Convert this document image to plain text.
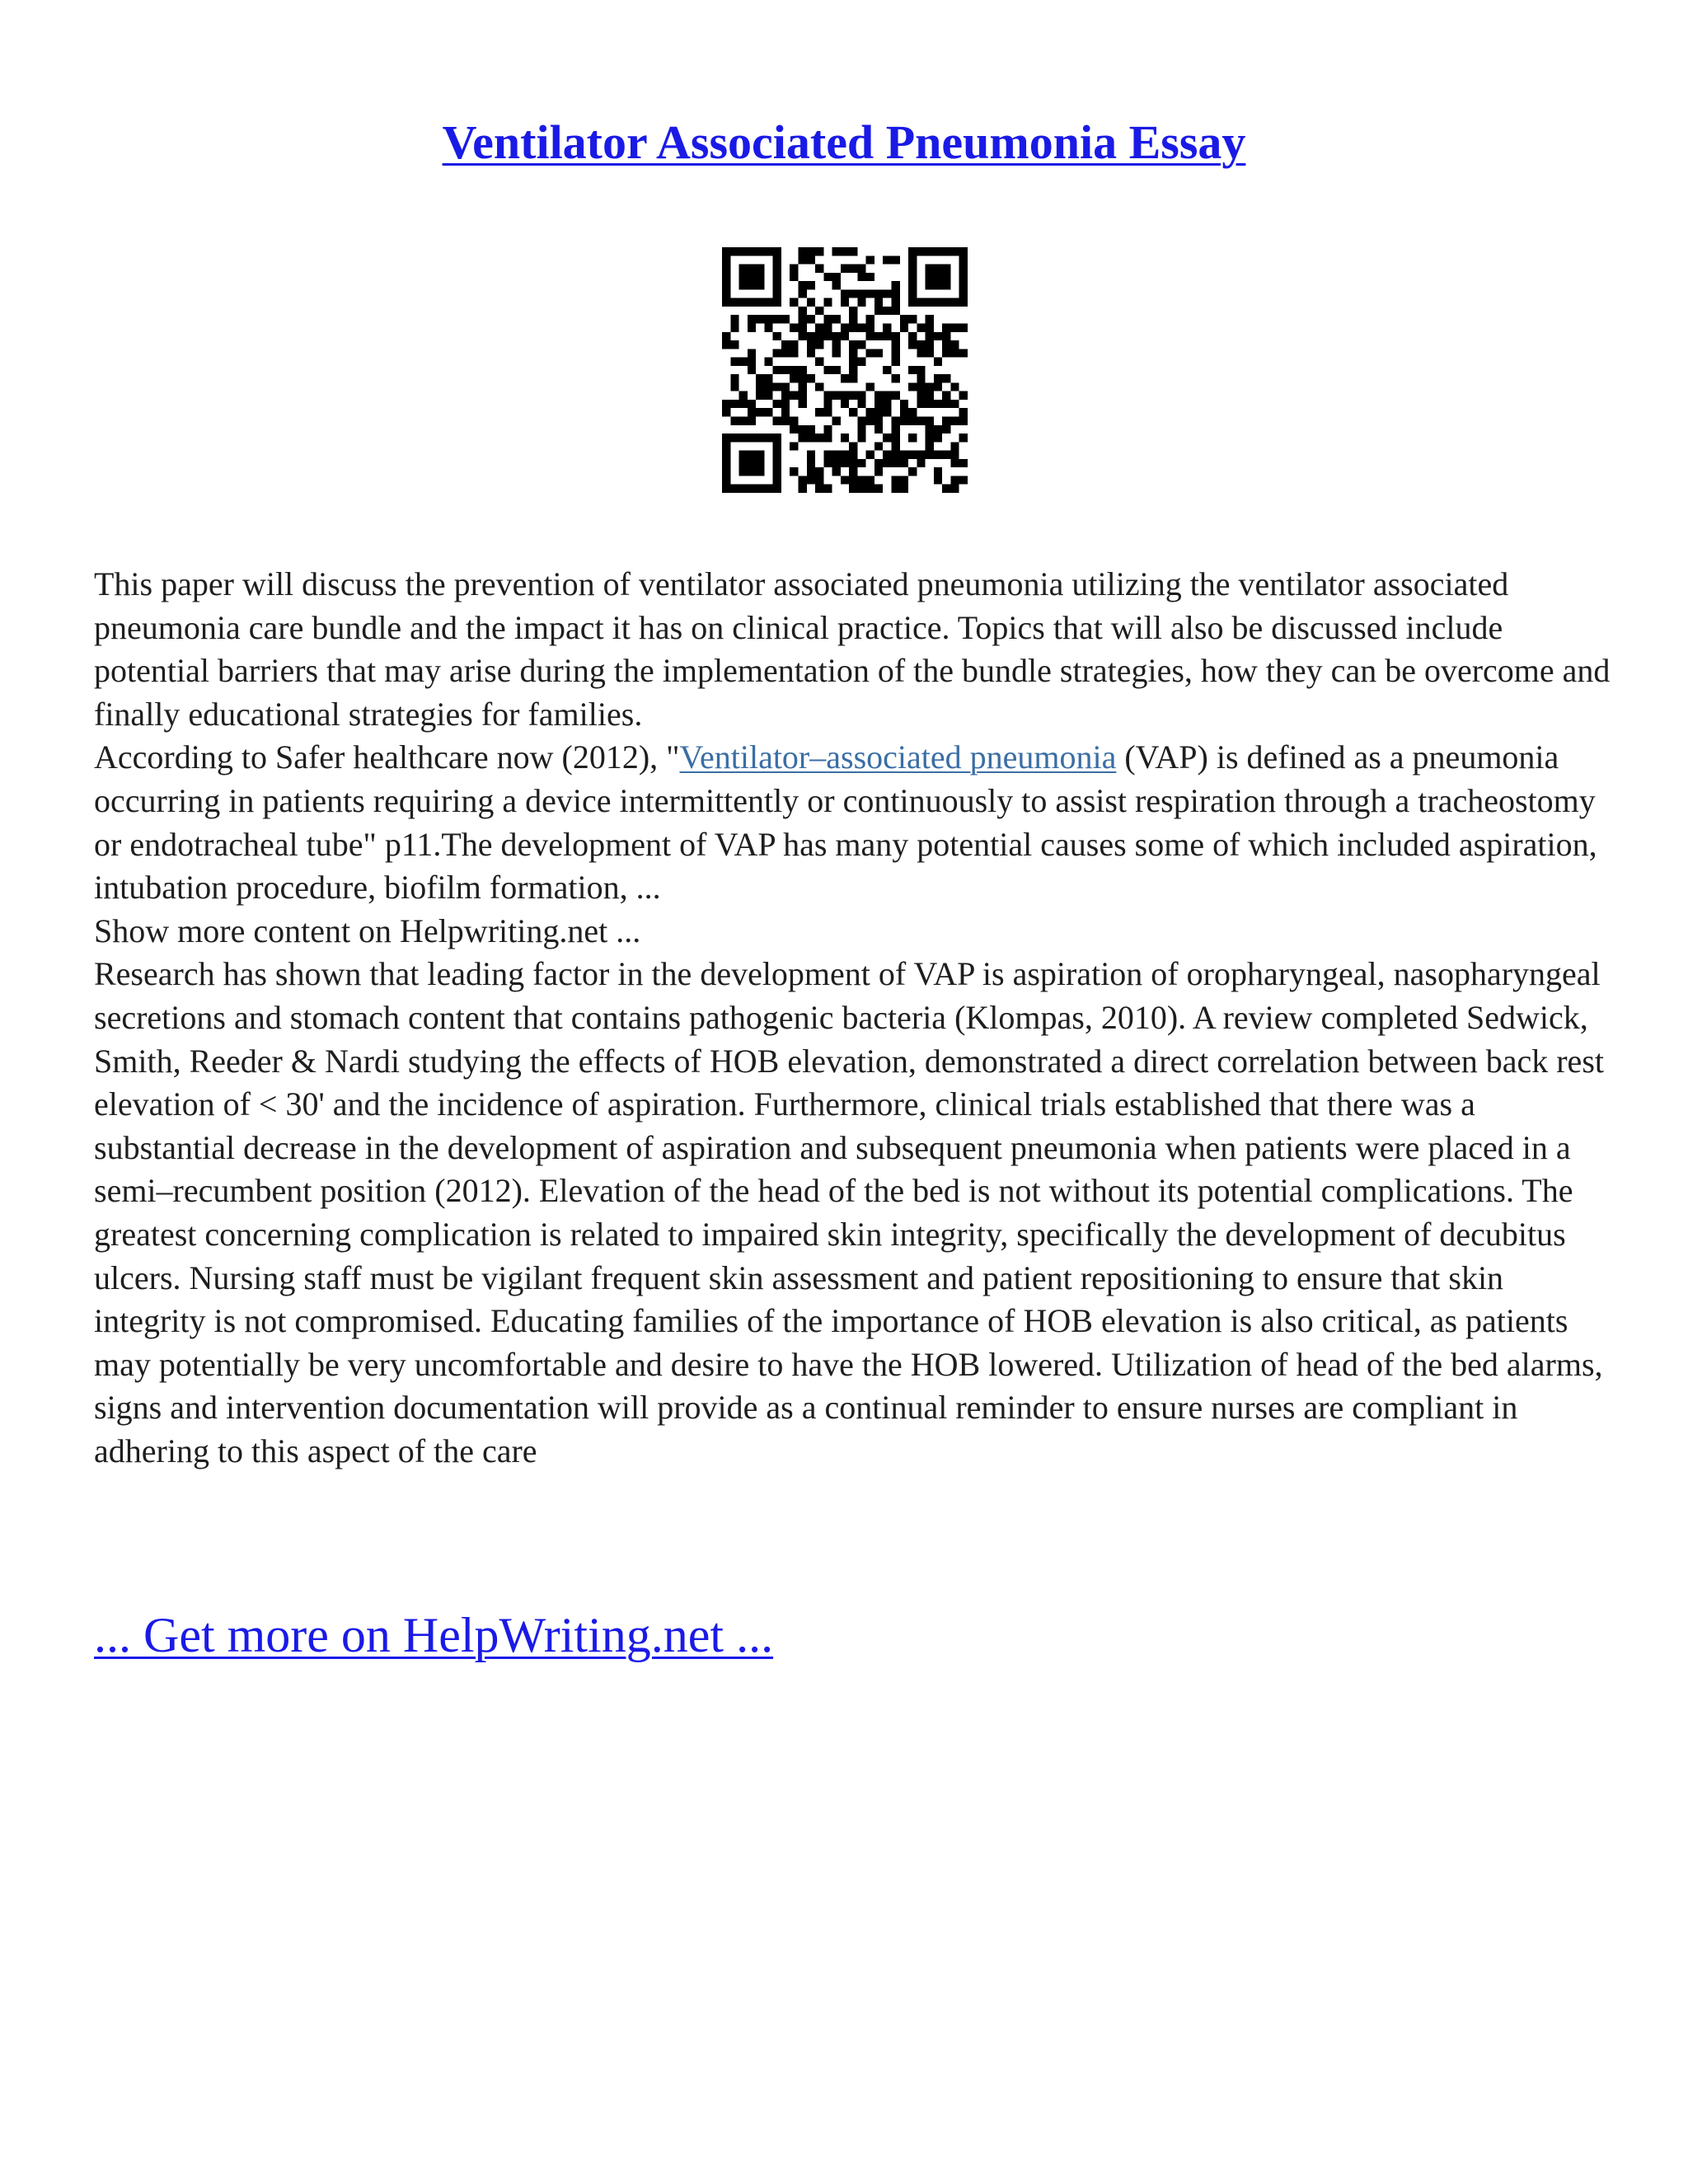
Ventilator Associated Pneumonia Essay

This paper will discuss the prevention of ventilator associated pneumonia utilizing the ventilator associated pneumonia care bundle and the impact it has on clinical practice. Topics that will also be discussed include potential barriers that may arise during the implementation of the bundle strategies, how they can be overcome and finally educational strategies for families.

According to Safer healthcare now (2012), "Ventilator–associated pneumonia (VAP) is defined as a pneumonia occurring in patients requiring a device intermittently or continuously to assist respiration through a tracheostomy or endotracheal tube" p11.The development of VAP has many potential causes some of which included aspiration, intubation procedure, biofilm formation, ...

Show more content on Helpwriting.net ...

Research has shown that leading factor in the development of VAP is aspiration of oropharyngeal, nasopharyngeal secretions and stomach content that contains pathogenic bacteria (Klompas, 2010). A review completed Sedwick, Smith, Reeder & Nardi studying the effects of HOB elevation, demonstrated a direct correlation between back rest elevation of < 30' and the incidence of aspiration. Furthermore, clinical trials established that there was a substantial decrease in the development of aspiration and subsequent pneumonia when patients were placed in a semi–recumbent position (2012). Elevation of the head of the bed is not without its potential complications. The greatest concerning complication is related to impaired skin integrity, specifically the development of decubitus ulcers. Nursing staff must be vigilant frequent skin assessment and patient repositioning to ensure that skin integrity is not compromised. Educating families of the importance of HOB elevation is also critical, as patients may potentially be very uncomfortable and desire to have the HOB lowered. Utilization of head of the bed alarms, signs and intervention documentation will provide as a continual reminder to ensure nurses are compliant in adhering to this aspect of the care

... Get more on HelpWriting.net ...
